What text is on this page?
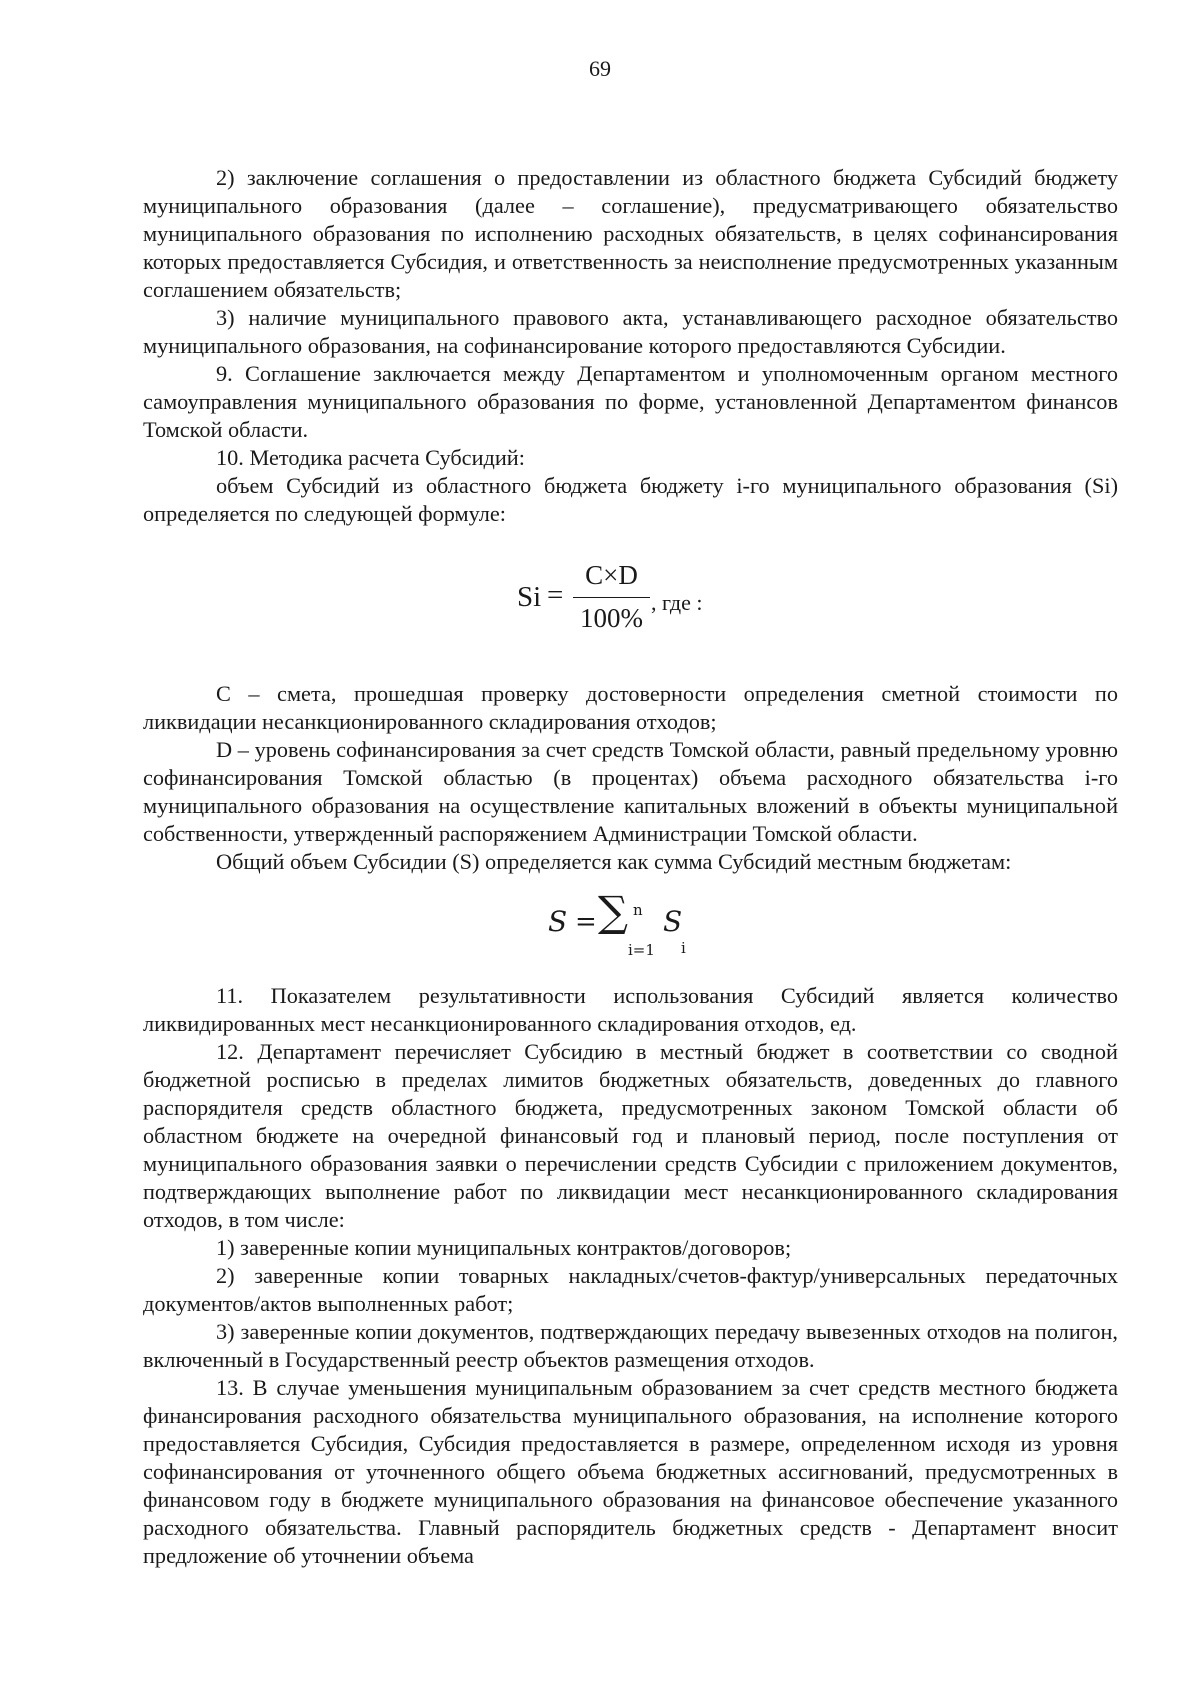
69

2) заключение соглашения о предоставлении из областного бюджета Субсидий бюджету муниципального образования (далее – соглашение), предусматривающего обязательство муниципального образования по исполнению расходных обязательств, в целях софинансирования которых предоставляется Субсидия, и ответственность за неисполнение предусмотренных указанным соглашением обязательств;

3) наличие муниципального правового акта, устанавливающего расходное обязательство муниципального образования, на софинансирование которого предоставляются Субсидии.

9. Соглашение заключается между Департаментом и уполномоченным органом местного самоуправления муниципального образования по форме, установленной Департаментом финансов Томской области.

10. Методика расчета Субсидий:

объем Субсидий из областного бюджета бюджету i-го муниципального образования (Si) определяется по следующей формуле:

Si =
C×D
100%
, где :

C – смета, прошедшая проверку достоверности определения сметной стоимости по ликвидации несанкционированного складирования отходов;

D – уровень софинансирования за счет средств Томской области, равный предельному уровню софинансирования Томской областью (в процентах) объема расходного обязательства i-го муниципального образования на осуществление капитальных вложений в объекты муниципальной собственности, утвержденный распоряжением Администрации Томской области.

Общий объем Субсидии (S) определяется как сумма Субсидий местным бюджетам:

S = ∑ n
i=1
S
i

11. Показателем результативности использования Субсидий является количество ликвидированных мест несанкционированного складирования отходов, ед.

12. Департамент перечисляет Субсидию в местный бюджет в соответствии со сводной бюджетной росписью в пределах лимитов бюджетных обязательств, доведенных до главного распорядителя средств областного бюджета, предусмотренных законом Томской области об областном бюджете на очередной финансовый год и плановый период, после поступления от муниципального образования заявки о перечислении средств Субсидии с приложением документов, подтверждающих выполнение работ по ликвидации мест несанкционированного складирования отходов, в том числе:

1) заверенные копии муниципальных контрактов/договоров;

2) заверенные копии товарных накладных/счетов-фактур/универсальных передаточных документов/актов выполненных работ;

3) заверенные копии документов, подтверждающих передачу вывезенных отходов на полигон, включенный в Государственный реестр объектов размещения отходов.

13. В случае уменьшения муниципальным образованием за счет средств местного бюджета финансирования расходного обязательства муниципального образования, на исполнение которого предоставляется Субсидия, Субсидия предоставляется в размере, определенном исходя из уровня софинансирования от уточненного общего объема бюджетных ассигнований, предусмотренных в финансовом году в бюджете муниципального образования на финансовое обеспечение указанного расходного обязательства. Главный распорядитель бюджетных средств - Департамент вносит предложение об уточнении объема
